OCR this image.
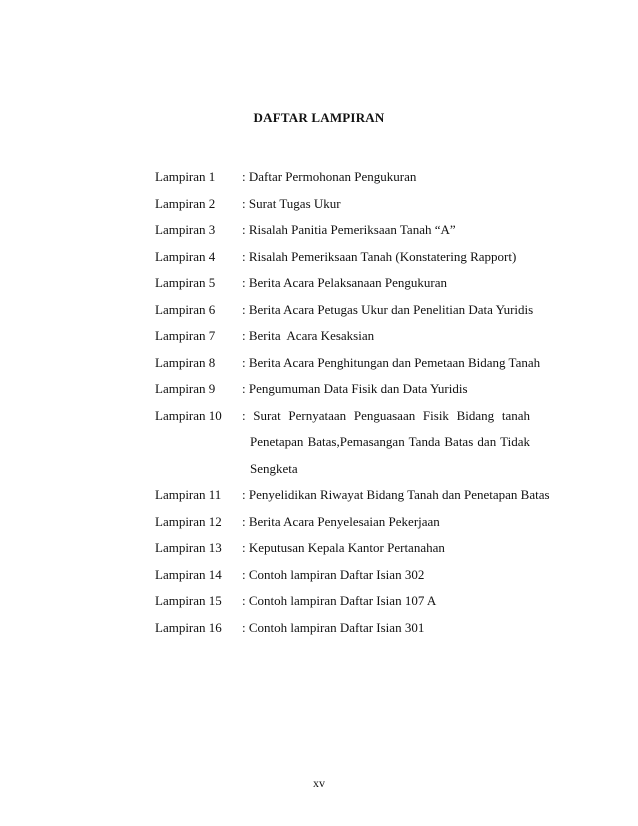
DAFTAR LAMPIRAN
Lampiran 1	: Daftar Permohonan Pengukuran
Lampiran 2	: Surat Tugas Ukur
Lampiran 3	: Risalah Panitia Pemeriksaan Tanah “A”
Lampiran 4	: Risalah Pemeriksaan Tanah (Konstatering Rapport)
Lampiran 5	: Berita Acara Pelaksanaan Pengukuran
Lampiran 6	: Berita Acara Petugas Ukur dan Penelitian Data Yuridis
Lampiran 7	: Berita  Acara Kesaksian
Lampiran 8	: Berita Acara Penghitungan dan Pemetaan Bidang Tanah
Lampiran 9	: Pengumuman Data Fisik dan Data Yuridis
Lampiran 10	: Surat Pernyataan Penguasaan Fisik Bidang tanah
Penetapan Batas,Pemasangan Tanda Batas dan Tidak
Sengketa
Lampiran 11	: Penyelidikan Riwayat Bidang Tanah dan Penetapan Batas
Lampiran 12	: Berita Acara Penyelesaian Pekerjaan
Lampiran 13	: Keputusan Kepala Kantor Pertanahan
Lampiran 14	: Contoh lampiran Daftar Isian 302
Lampiran 15	: Contoh lampiran Daftar Isian 107 A
Lampiran 16	: Contoh lampiran Daftar Isian 301
xv
